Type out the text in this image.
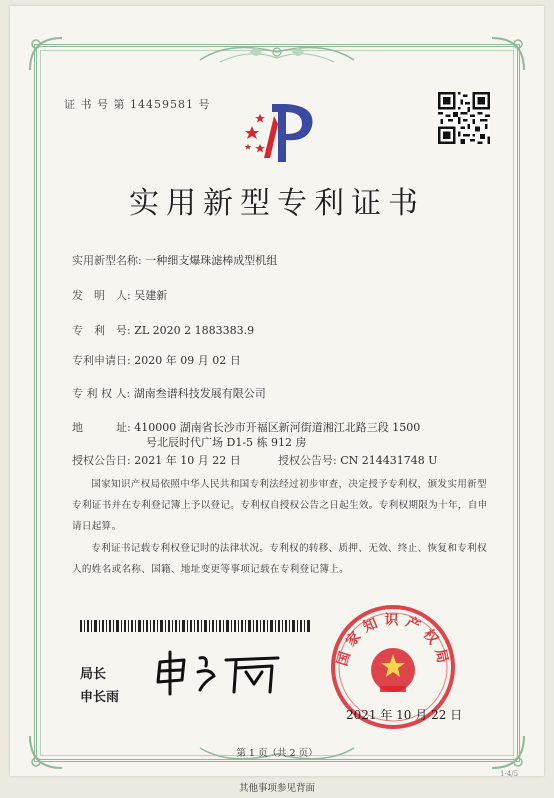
证 书 号 第 14459581 号
实用新型专利证书
实用新型名称: 一种细支爆珠滤棒成型机组
发　明　人: 吴建新
专　利　号: ZL 2020 2 1883383.9
专利申请日: 2020 年 09 月 02 日
专 利 权 人: 湖南叁谱科技发展有限公司
地　　　址: 410000 湖南省长沙市开福区新河街道湘江北路三段 1500
号北辰时代广场 D1-5 栋 912 房
授权公告日: 2021 年 10 月 22 日	授权公告号: CN 214431748 U
国家知识产权局依照中华人民共和国专利法经过初步审查，决定授予专利权，颁发实用新型专利证书并在专利登记簿上予以登记。专利权自授权公告之日起生效。专利权期限为十年，自申请日起算。
专利证书记载专利权登记时的法律状况。专利权的转移、质押、无效、终止、恢复和专利权人的姓名或名称、国籍、地址变更等事项记载在专利登记簿上。
局长
申长雨
国家知识产权局
2021 年 10 月 22 日
第 1 页（共 2 页）
其他事项参见背面
1-4/5
